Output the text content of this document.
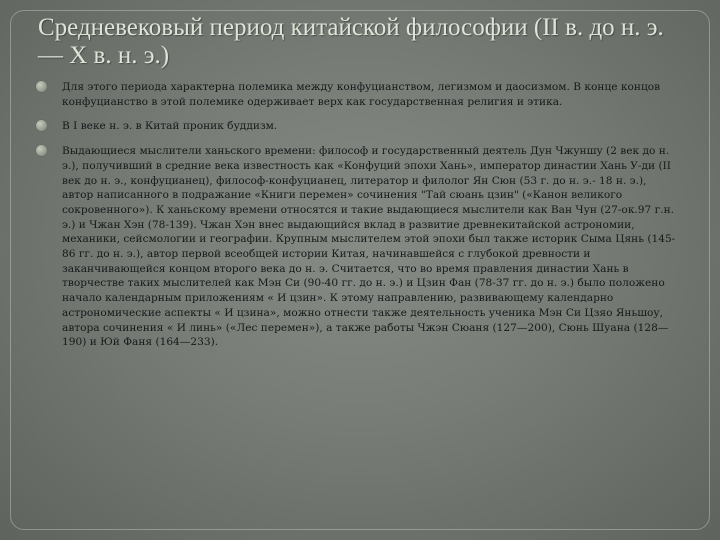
Средневековый период китайской философии (II в. до н. э. — X в. н. э.)
Для этого периода характерна полемика между конфуцианством, легизмом и даосизмом. В конце концов конфуцианство в этой полемике одерживает верх как государственная религия и этика.
В I веке н. э. в Китай проник буддизм.
Выдающиеся мыслители ханьского времени: философ и государственный деятель Дун Чжуншу (2 век до н. э.), получивший в средние века известность как «Конфуций эпохи Хань», император династии Хань У-ди (II век до н. э., конфуцианец), философ-конфуцианец, литератор и филолог Ян Сюн (53 г. до н. э.- 18 н. э.), автор написанного в подражание «Книги перемен» сочинения "Тай сюань цзин" («Канон великого сокровенного»). К ханьскому времени относятся и такие выдающиеся мыслители как Ван Чун (27-ок.97 г.н. э.) и Чжан Хэн (78-139). Чжан Хэн внес выдающийся вклад в развитие древнекитайской астрономии, механики, сейсмологии и географии. Крупным мыслителем этой эпохи был также историк Сыма Цянь (145-86 гг. до н. э.), автор первой всеобщей истории Китая, начинавшейся с глубокой древности и заканчивающейся концом второго века до н. э. Считается, что во время правления династии Хань в творчестве таких мыслителей как Мэн Си (90-40 гг. до н. э.) и Цзин Фан (78-37 гг. до н. э.) было положено начало календарным приложениям « И цзин». К этому направлению, развивающему календарно астрономические аспекты « И цзина», можно отнести также деятельность ученика Мэн Си Цзяо Яньшоу, автора сочинения « И линь» («Лес перемен»), а также работы Чжэн Сюаня (127—200), Сюнь Шуана (128—190) и Юй Фаня (164—233).
